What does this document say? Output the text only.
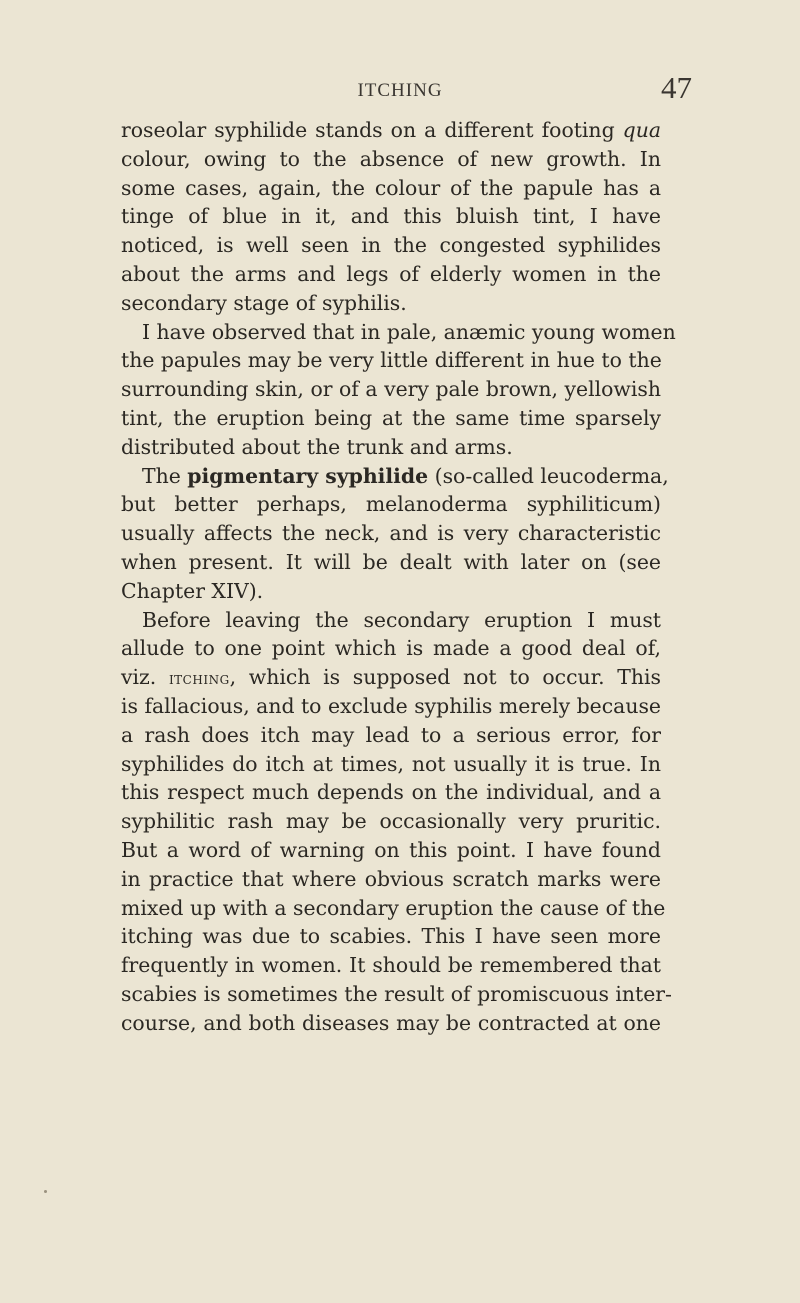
ITCHING	47
roseolar syphilide stands on a different footing qua
colour, owing to the absence of new growth. In
some cases, again, the colour of the papule has a
tinge of blue in it, and this bluish tint, I have
noticed, is well seen in the congested syphilides
about the arms and legs of elderly women in the
secondary stage of syphilis.
I have observed that in pale, anæmic young women
the papules may be very little different in hue to the
surrounding skin, or of a very pale brown, yellowish
tint, the eruption being at the same time sparsely
distributed about the trunk and arms.
The pigmentary syphilide (so-called leucoderma,
but better perhaps, melanoderma syphiliticum)
usually affects the neck, and is very characteristic
when present. It will be dealt with later on (see
Chapter XIV).
Before leaving the secondary eruption I must
allude to one point which is made a good deal of,
viz. itching, which is supposed not to occur. This
is fallacious, and to exclude syphilis merely because
a rash does itch may lead to a serious error, for
syphilides do itch at times, not usually it is true. In
this respect much depends on the individual, and a
syphilitic rash may be occasionally very pruritic.
But a word of warning on this point. I have found
in practice that where obvious scratch marks were
mixed up with a secondary eruption the cause of the
itching was due to scabies. This I have seen more
frequently in women. It should be remembered that
scabies is sometimes the result of promiscuous inter-
course, and both diseases may be contracted at one
